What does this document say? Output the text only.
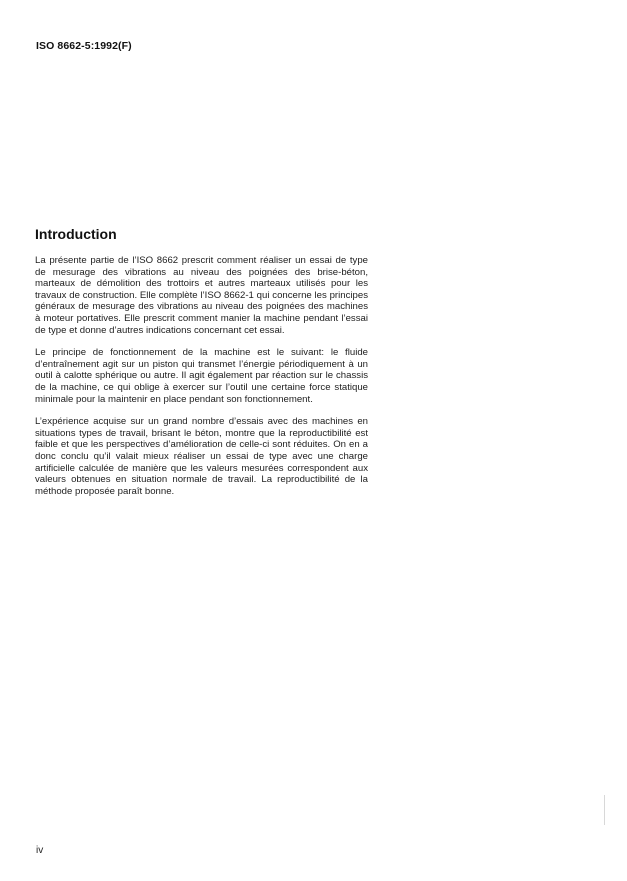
ISO 8662-5:1992(F)
Introduction

La présente partie de l’ISO 8662 prescrit comment réaliser un essai de type de mesurage des vibrations au niveau des poignées des brise-béton, marteaux de démolition des trottoirs et autres marteaux utilisés pour les travaux de construction. Elle complète l’ISO 8662-1 qui concerne les principes généraux de mesurage des vibrations au niveau des poignées des machines à moteur portatives. Elle prescrit comment manier la machine pendant l’essai de type et donne d’autres indications concernant cet essai.

Le principe de fonctionnement de la machine est le suivant: le fluide d’entraînement agit sur un piston qui transmet l’énergie périodiquement à un outil à calotte sphérique ou autre. Il agit également par réaction sur le chassis de la machine, ce qui oblige à exercer sur l’outil une certaine force statique minimale pour la maintenir en place pendant son fonctionnement.

L’expérience acquise sur un grand nombre d’essais avec des machines en situations types de travail, brisant le béton, montre que la reproductibilité est faible et que les perspectives d’amélioration de celle-ci sont réduites. On en a donc conclu qu’il valait mieux réaliser un essai de type avec une charge artificielle calculée de manière que les valeurs mesurées correspondent aux valeurs obtenues en situation normale de travail. La reproductibilité de la méthode proposée paraît bonne.

iv
